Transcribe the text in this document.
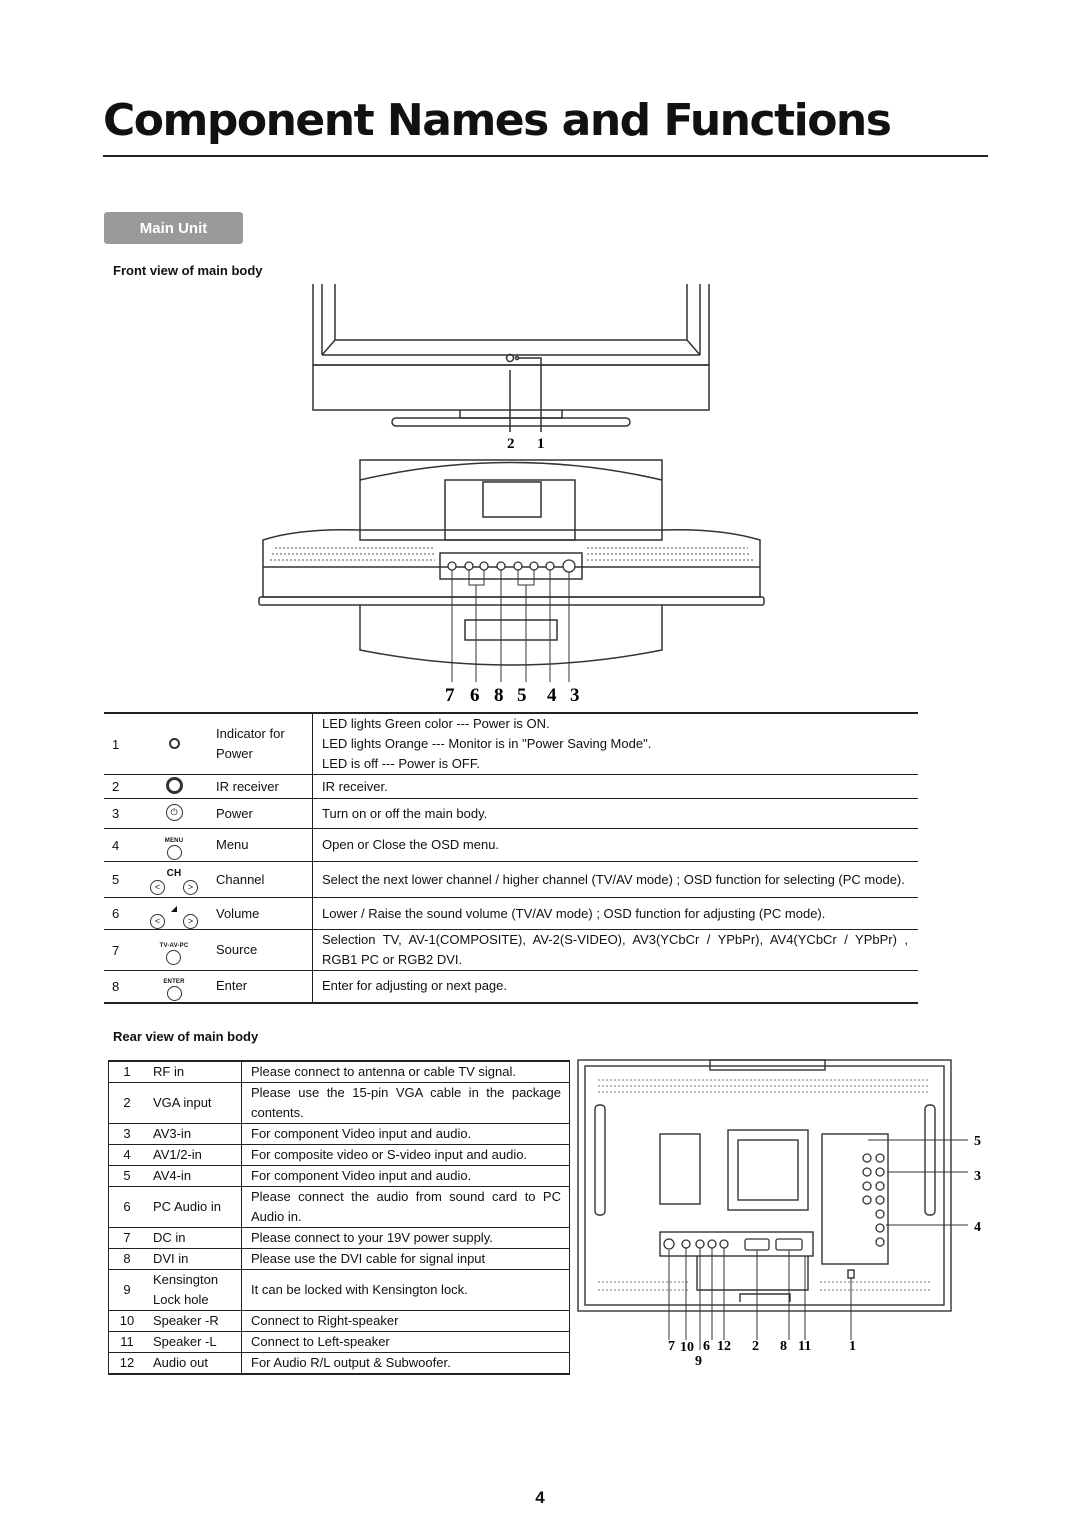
Component Names and Functions
Main Unit
Front view of main body
Rear view of main body
2 1
7 6 8 5 4 3
1		Indicator for Power	LED lights Green color --- Power is ON.
LED lights Orange --- Monitor is in "Power Saving Mode".
LED is off --- Power is OFF.

2		IR receiver	IR receiver.
3	⏻	Power	Turn on or off the main body.
4	MENU	Menu	Open or Close the OSD menu.
5	CH
< >	Channel	Select the next lower channel / higher channel (TV/AV mode) ; OSD function for selecting (PC mode).
6	◢
< >	Volume	Lower / Raise the sound volume (TV/AV mode) ; OSD function for adjusting (PC mode).
7	TV-AV-PC	Source	Selection TV, AV-1(COMPOSITE), AV-2(S-VIDEO), AV3(YCbCr / YPbPr), AV4(YCbCr / YPbPr) , RGB1 PC or RGB2 DVI.
8	ENTER	Enter	Enter for adjusting or next page.
1	RF in	Please connect to antenna or cable TV signal.
2	VGA input	Please use the 15-pin VGA cable in the package contents.
3	AV3-in	For component Video input and audio.
4	AV1/2-in	For composite video or S-video input and audio.
5	AV4-in	For component Video input and audio.
6	PC Audio in	Please connect the audio from sound card to PC Audio in.
7	DC in	Please connect to your 19V power supply.
8	DVI in	Please use the DVI cable for signal input
9	Kensington Lock hole	It can be locked with Kensington lock.
10	Speaker -R	Connect to Right-speaker
11	Speaker -L	Connect to Left-speaker
12	Audio out	For Audio R/L output & Subwoofer.
5
3
4
7 10 6 12 2 8 11	1
9
4
